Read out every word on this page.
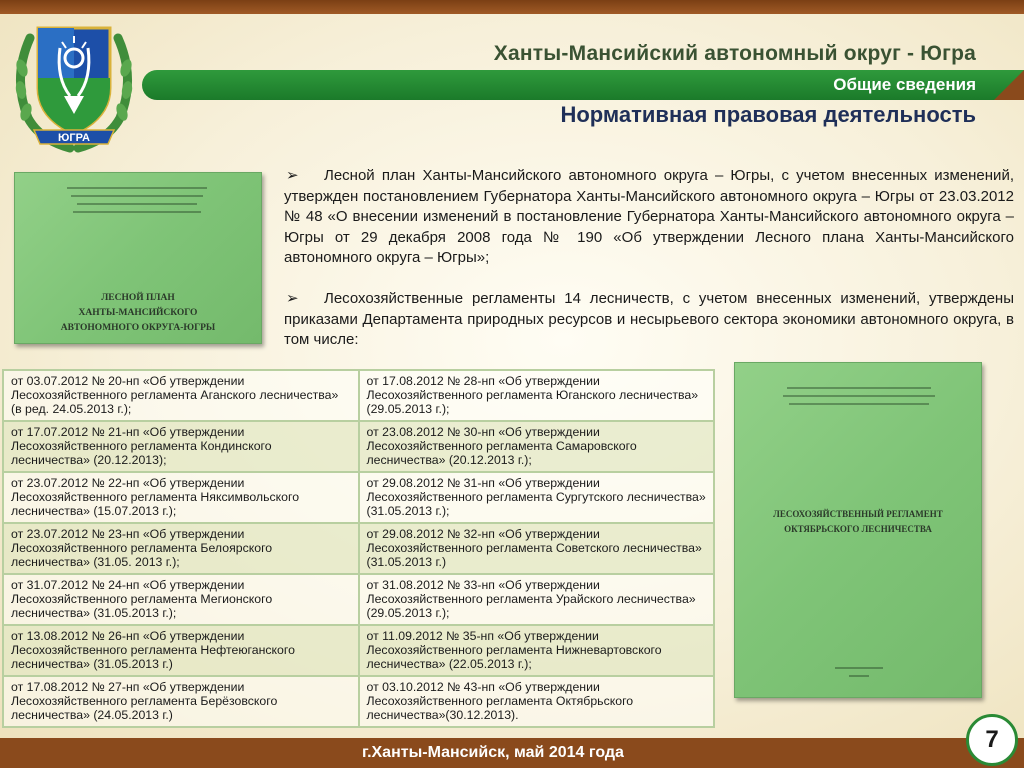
Ханты-Мансийский автономный округ - Югра
Общие сведения
Нормативная правовая деятельность
ЮГРА
ЛЕСНОЙ ПЛАН
ХАНТЫ-МАНСИЙСКОГО
АВТОНОМНОГО ОКРУГА-ЮГРЫ
➢ Лесной план Ханты-Мансийского автономного округа – Югры, с учетом внесенных изменений, утвержден постановлением Губернатора Ханты-Мансийского автономного округа – Югры от 23.03.2012 № 48 «О внесении изменений в постановление Губернатора Ханты-Мансийского автономного округа – Югры от 29 декабря 2008 года № 190 «Об утверждении Лесного плана Ханты-Мансийского автономного округа – Югры»;
➢ Лесохозяйственные регламенты 14 лесничеств, с учетом внесенных изменений, утверждены приказами Департамента природных ресурсов и несырьевого сектора экономики автономного округа, в том числе:
от 03.07.2012 № 20-нп «Об утверждении Лесохозяйственного регламента Аганского лесничества» (в ред. 24.05.2013 г.);	от 17.08.2012 № 28-нп «Об утверждении Лесохозяйственного регламента Юганского лесничества» (29.05.2013 г.);
от 17.07.2012 № 21-нп «Об утверждении Лесохозяйственного регламента Кондинского лесничества» (20.12.2013);	от 23.08.2012 № 30-нп «Об утверждении Лесохозяйственного регламента Самаровского лесничества» (20.12.2013 г.);
от 23.07.2012 № 22-нп «Об утверждении Лесохозяйственного регламента Няксимвольского лесничества» (15.07.2013 г.);	от 29.08.2012 № 31-нп «Об утверждении Лесохозяйственного регламента Сургутского лесничества» (31.05.2013 г.);
от 23.07.2012 № 23-нп «Об утверждении Лесохозяйственного регламента Белоярского лесничества» (31.05. 2013 г.);	от 29.08.2012 № 32-нп «Об утверждении Лесохозяйственного регламента Советского лесничества» (31.05.2013 г.)
от 31.07.2012 № 24-нп «Об утверждении Лесохозяйственного регламента Мегионского лесничества» (31.05.2013 г.);	от 31.08.2012 № 33-нп «Об утверждении Лесохозяйственного регламента Урайского лесничества» (29.05.2013 г.);
от 13.08.2012 № 26-нп «Об утверждении Лесохозяйственного регламента Нефтеюганского лесничества» (31.05.2013 г.)	от 11.09.2012 № 35-нп «Об утверждении Лесохозяйственного регламента Нижневартовского лесничества» (22.05.2013 г.);
от 17.08.2012 № 27-нп «Об утверждении Лесохозяйственного регламента Берёзовского лесничества» (24.05.2013 г.)	от 03.10.2012 № 43-нп «Об утверждении Лесохозяйственного регламента Октябрьского лесничества»(30.12.2013).
ЛЕСОХОЗЯЙСТВЕННЫЙ РЕГЛАМЕНТ
ОКТЯБРЬСКОГО ЛЕСНИЧЕСТВА
г.Ханты-Мансийск, май 2014 года	7
